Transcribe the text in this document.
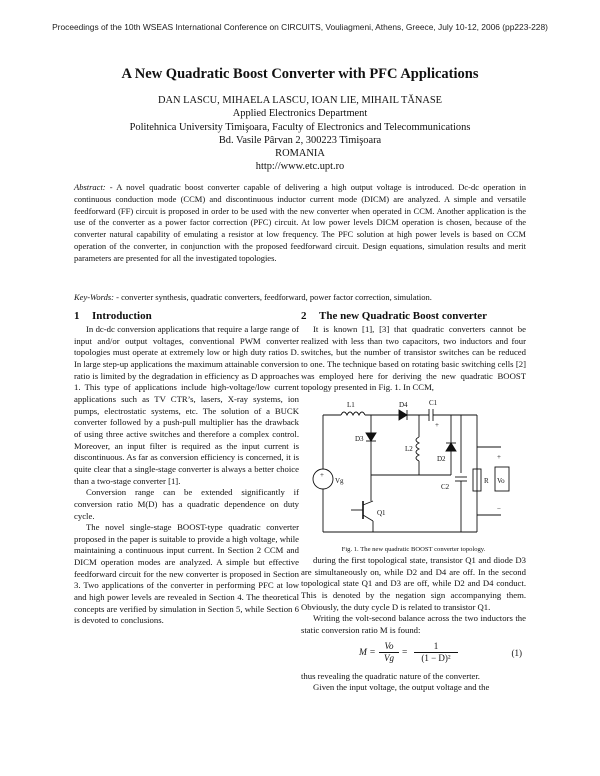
Proceedings of the 10th WSEAS International Conference on CIRCUITS, Vouliagmeni, Athens, Greece, July 10-12, 2006 (pp223-228)
A New Quadratic Boost Converter with PFC Applications
DAN LASCU, MIHAELA LASCU, IOAN LIE, MIHAIL TĂNASE
Applied Electronics Department
Politehnica University Timişoara, Faculty of Electronics and Telecommunications
Bd. Vasile Pârvan 2, 300223 Timişoara
ROMANIA
http://www.etc.upt.ro
Abstract: - A novel quadratic boost converter capable of delivering a high output voltage is introduced. Dc-dc operation in continuous conduction mode (CCM) and discontinuous inductor current mode (DICM) are analyzed. A simple and versatile feedforward (FF) circuit is proposed in order to be used with the new converter when operated in CCM. Another application is the use of the converter as a power factor correction (PFC) circuit. At low power levels DICM operation is chosen, because of the converter natural capability of emulating a resistor at low frequency. The PFC solution at high power levels is based on CCM operation of the converter, in conjunction with the proposed feedforward circuit. Design equations, simulation results and merit parameters are presented for all the investigated topologies.
Key-Words: - converter synthesis, quadratic converters, feedforward, power factor correction, simulation.
1 Introduction

In dc-dc conversion applications that require a large range of input and/or output voltages, conventional PWM converter topologies must operate at extremely low or high duty ratios D. In large step-up applications the maximum attainable conversion ratio is limited by the degradation in efficiency as D approaches 1. This type of applications include high-voltage/low current applications such as TV CTR’s, lasers, X-ray systems, ion pumps, electrostatic systems, etc. The solution of a BUCK converter followed by a push-pull multiplier has the drawback of using three active switches and therefore a complex control. Moreover, an input filter is required as the input current is discontinuous. As far as conversion efficiency is concerned, it is quite clear that a single-stage converter is always a better choice than a two-stage converter [1].

Conversion range can be extended significantly if conversion ratio M(D) has a quadratic dependence on duty cycle.

The novel single-stage BOOST-type quadratic converter proposed in the paper is suitable to provide a high voltage, while maintaining a continuous input current. In Section 2 CCM and DICM operation modes are analyzed. A simple but effective feedforward circuit for the new converter is proposed in Section 3. Two applications of the converter in performing PFC at low and high power levels are revealed in Section 4. The theoretical concepts are verified by simulation in Section 5, while Section 6 is devoted to conclusions.

2 The new Quadratic Boost converter

It is known [1], [3] that quadratic converters cannot be realized with less than two capacitors, two inductors and four switches, but the number of transistor switches can be reduced to one. The technique based on rotating basic switching cells [2] was employed here for deriving the new quadratic BOOST topology presented in Fig. 1. In CCM,

L1	D4	C1
+
L2
D3
D2
C2
R
Vg
+
Q1
+
Vo
−
Fig. 1. The new quadratic BOOST converter topology.

during the first topological state, transistor Q1 and diode D3 are simultaneously on, while D2 and D4 are off. In the second topological state Q1 and D3 are off, while D2 and D4 conduct. This is denoted by the negation sign accompanying them. Obviously, the duty cycle D is related to transistor Q1.

Writing the volt-second balance across the two inductors the static conversion ratio M is found:

$M = \frac{Vo}{Vg} = \frac{1}{\text{(1 − D)²}}$	(1)

thus revealing the quadratic nature of the converter.

Given the input voltage, the output voltage and the
